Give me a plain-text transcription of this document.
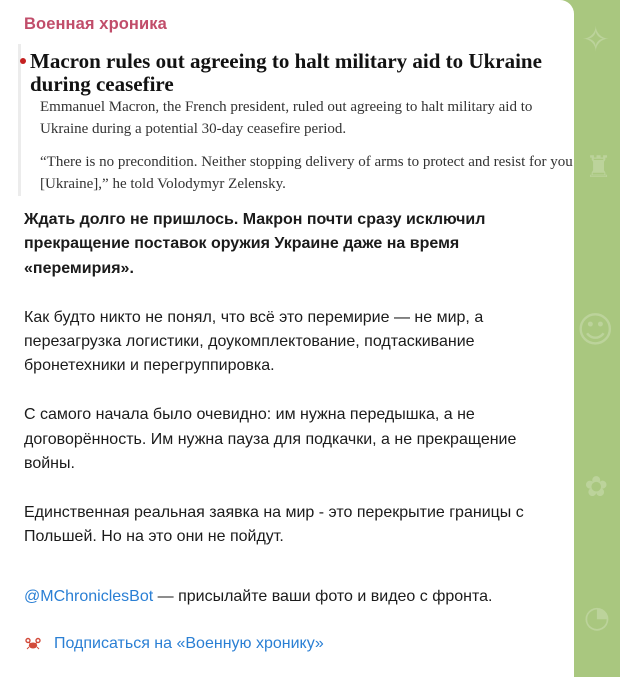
✧
♜
☺
✿
◔
Военная хроника
Macron rules out agreeing to halt military aid to Ukraine during ceasefire

Emmanuel Macron, the French president, ruled out agreeing to halt military aid to Ukraine during a potential 30-day ceasefire period.

“There is no precondition. Neither stopping delivery of arms to protect and resist for you [Ukraine],” he told Volodymyr Zelensky.

Ждать долго не пришлось. Макрон почти сразу исключил прекращение поставок оружия Украине даже на время «перемирия».

Как будто никто не понял, что всё это перемирие — не мир, а перезагрузка логистики, доукомплектование, подтаскивание бронетехники и перегруппировка.

С самого начала было очевидно: им нужна передышка, а не договорённость. Им нужна пауза для подкачки, а не прекращение войны.

Единственная реальная заявка на мир - это перекрытие границы с Польшей. Но на это они не пойдут.

@MChroniclesBot — присылайте ваши фото и видео с фронта.
Подписаться на «Военную хронику»
